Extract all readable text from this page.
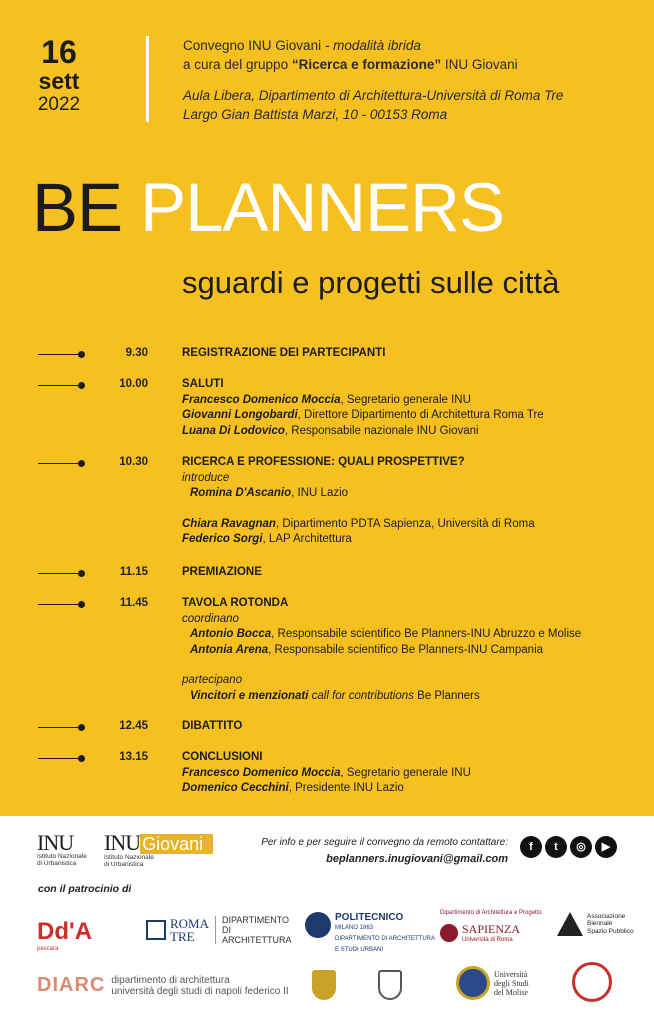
16
sett
2022
Convegno INU Giovani - modalità ibrida
a cura del gruppo “Ricerca e formazione” INU Giovani
Aula Libera, Dipartimento di Architettura-Università di Roma Tre
Largo Gian Battista Marzi, 10 - 00153 Roma
BE PLANNERS
sguardi e progetti sulle città
9.30	REGISTRAZIONE DEI PARTECIPANTI
10.00	SALUTI
Francesco Domenico Moccia, Segretario generale INU
Giovanni Longobardi, Direttore Dipartimento di Architettura Roma Tre
Luana Di Lodovico, Responsabile nazionale INU Giovani
10.30	RICERCA E PROFESSIONE: QUALI PROSPETTIVE?
introduce
Romina D'Ascanio, INU Lazio
Chiara Ravagnan, Dipartimento PDTA Sapienza, Università di Roma
Federico Sorgi, LAP Architettura
11.15	PREMIAZIONE
11.45	TAVOLA ROTONDA
coordinano
Antonio Bocca, Responsabile scientifico Be Planners-INU Abruzzo e Molise
Antonia Arena, Responsabile scientifico Be Planners-INU Campania
partecipano
Vincitori e menzionati call for contributions Be Planners
12.45	DIBATTITO
13.15	CONCLUSIONI
Francesco Domenico Moccia, Segretario generale INU
Domenico Cecchini, Presidente INU Lazio
INU
Istituto Nazionale
di Urbanistica
INU Giovani
Istituto Nazionale
di Urbanistica
Per info e per seguire il convegno da remoto contattare:
beplanners.inugiovani@gmail.com
f	t	◎	▶
con il patrocinio di
Dd'A
pescara
ROMA
TRE
DIPARTIMENTO
DI
ARCHITETTURA
POLITECNICO
MILANO 1863
DIPARTIMENTO DI ARCHITETTURA E STUDI URBANI
Dipartimento di Architettura e Progetto
SAPIENZA
Università di Roma
Associazione
Biennale
Spazio Pubblico
DIARC dipartimento di architettura
università degli studi di napoli federico II
Università
degli Studi
del Molise
